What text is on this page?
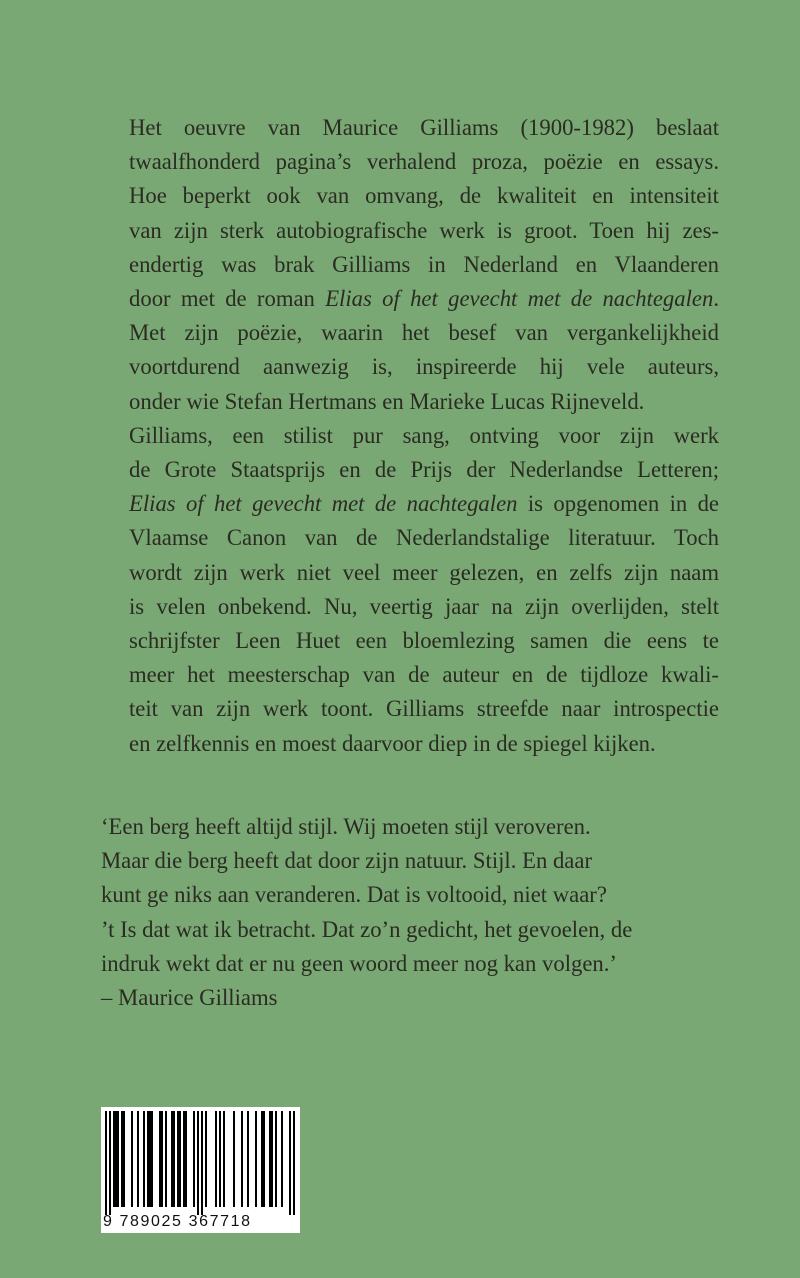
Het oeuvre van Maurice Gilliams (1900-1982) beslaat
twaalfhonderd pagina’s verhalend proza, poëzie en essays.
Hoe beperkt ook van omvang, de kwaliteit en intensiteit
van zijn sterk autobiografische werk is groot. Toen hij zes-
endertig was brak Gilliams in Nederland en Vlaanderen
door met de roman Elias of het gevecht met de nachtegalen.
Met zijn poëzie, waarin het besef van vergankelijkheid
voortdurend aanwezig is, inspireerde hij vele auteurs,
onder wie Stefan Hertmans en Marieke Lucas Rijneveld.

Gilliams, een stilist pur sang, ontving voor zijn werk
de Grote Staatsprijs en de Prijs der Nederlandse Letteren;
Elias of het gevecht met de nachtegalen is opgenomen in de
Vlaamse Canon van de Nederlandstalige literatuur. Toch
wordt zijn werk niet veel meer gelezen, en zelfs zijn naam
is velen onbekend. Nu, veertig jaar na zijn overlijden, stelt
schrijfster Leen Huet een bloemlezing samen die eens te
meer het meesterschap van de auteur en de tijdloze kwali-
teit van zijn werk toont. Gilliams streefde naar introspectie
en zelfkennis en moest daarvoor diep in de spiegel kijken.

‘Een berg heeft altijd stijl. Wij moeten stijl veroveren.
Maar die berg heeft dat door zijn natuur. Stijl. En daar
kunt ge niks aan veranderen. Dat is voltooid, niet waar?
’t Is dat wat ik betracht. Dat zo’n gedicht, het gevoelen, de
indruk wekt dat er nu geen woord meer nog kan volgen.’
– Maurice Gilliams
9 789025 367718
